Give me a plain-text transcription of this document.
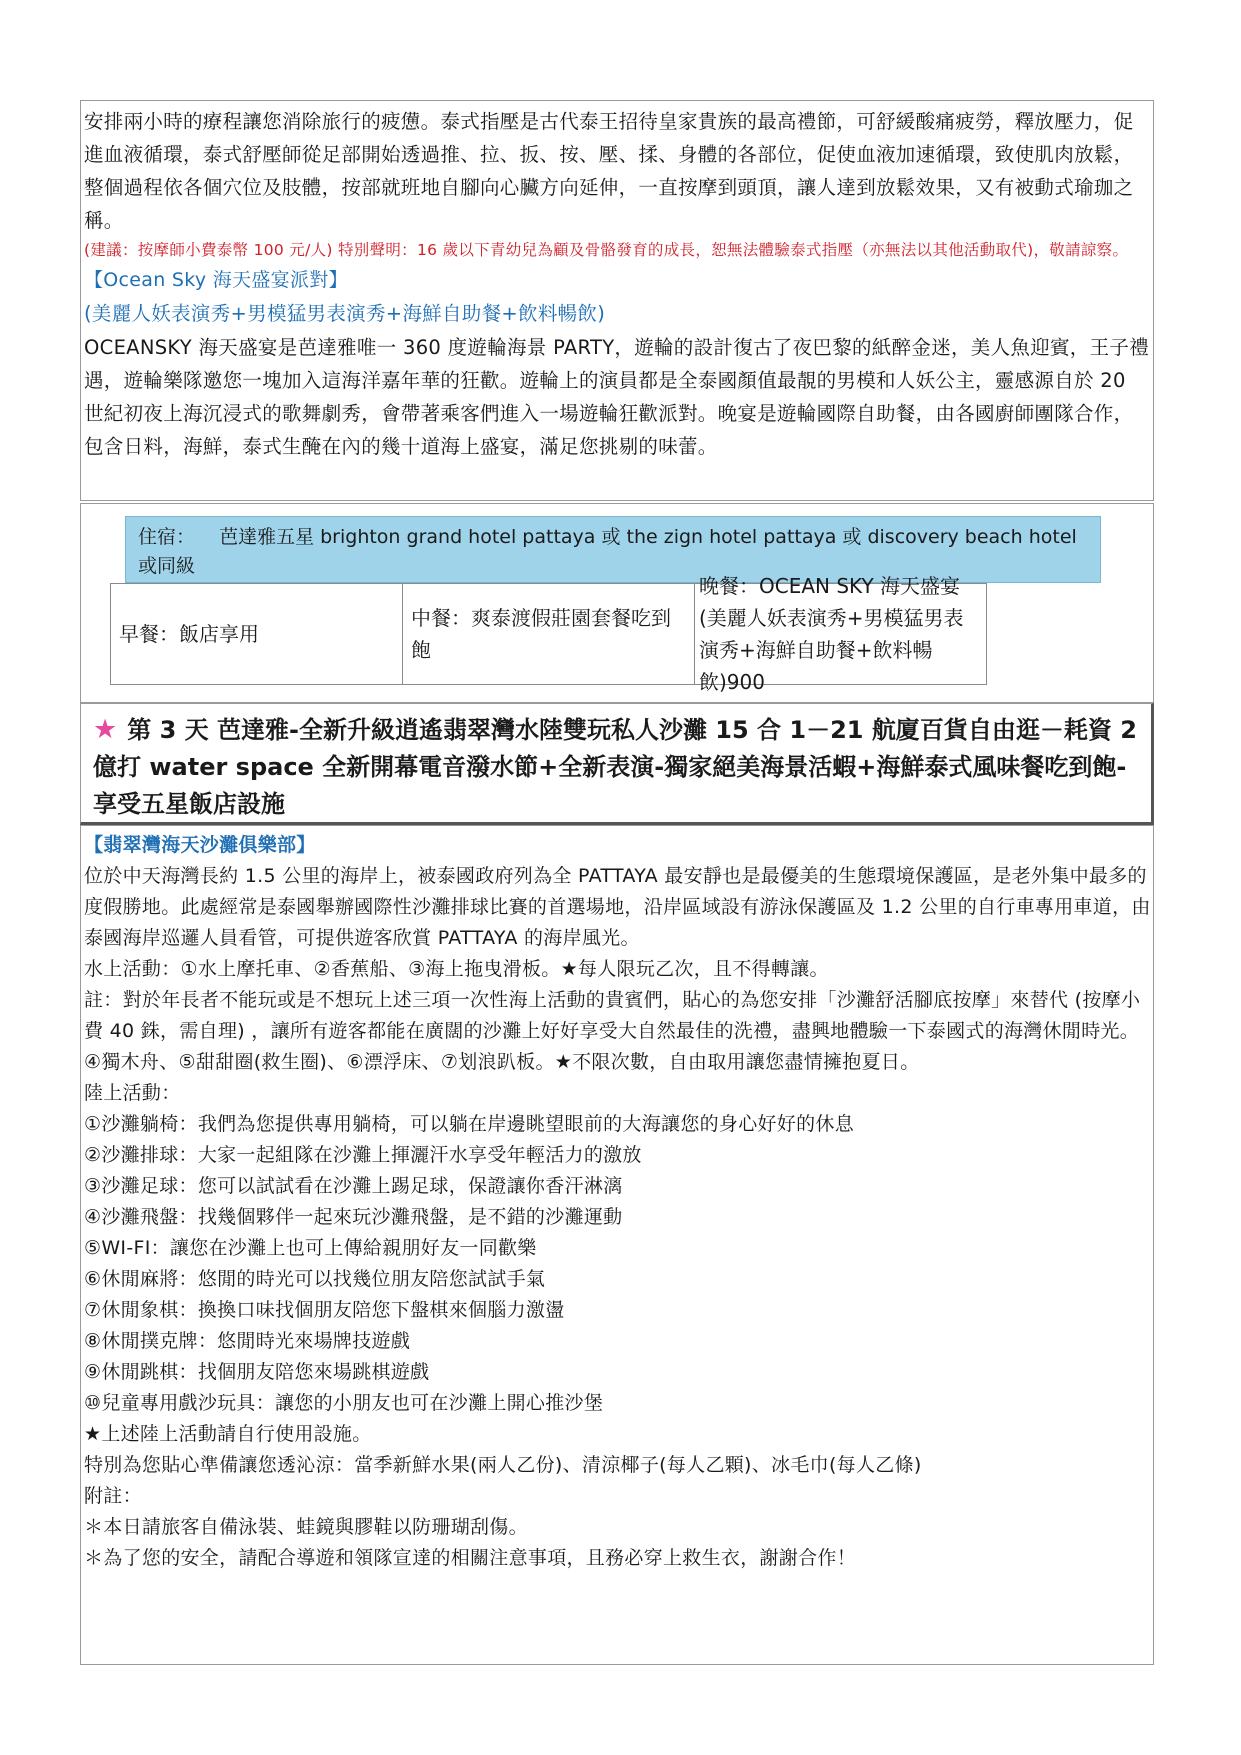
安排兩小時的療程讓您消除旅行的疲憊。泰式指壓是古代泰王招待皇家貴族的最高禮節，可舒緩酸痛疲勞，釋放壓力，促進血液循環，泰式舒壓師從足部開始透過推、拉、扳、按、壓、揉、身體的各部位，促使血液加速循環，致使肌肉放鬆，整個過程依各個穴位及肢體，按部就班地自腳向心臟方向延伸，一直按摩到頭頂，讓人達到放鬆效果，又有被動式瑜珈之稱。

(建議：按摩師小費泰幣 100 元/人) 特別聲明：16 歲以下青幼兒為顧及骨骼發育的成長，恕無法體驗泰式指壓（亦無法以其他活動取代)，敬請諒察。

【Ocean Sky 海天盛宴派對】

(美麗人妖表演秀+男模猛男表演秀+海鮮自助餐+飲料暢飲)

OCEANSKY 海天盛宴是芭達雅唯一 360 度遊輪海景 PARTY，遊輪的設計復古了夜巴黎的紙醉金迷，美人魚迎賓，王子禮遇，遊輪樂隊邀您一塊加入這海洋嘉年華的狂歡。遊輪上的演員都是全泰國顏值最靚的男模和人妖公主，靈感源自於 20 世紀初夜上海沉浸式的歌舞劇秀，會帶著乘客們進入一場遊輪狂歡派對。晚宴是遊輪國際自助餐，由各國廚師團隊合作，包含日料，海鮮，泰式生醃在內的幾十道海上盛宴，滿足您挑剔的味蕾。

住宿： 芭達雅五星 brighton grand hotel pattaya 或 the zign hotel pattaya 或 discovery beach hotel 或同級
早餐：飯店享用
中餐：爽泰渡假莊園套餐吃到飽
晚餐：OCEAN SKY 海天盛宴(美麗人妖表演秀+男模猛男表演秀+海鮮自助餐+飲料暢飲)900
★ 第 3 天 芭達雅-全新升級逍遙翡翠灣水陸雙玩私人沙灘 15 合 1－21 航廈百貨自由逛－耗資 2 億打 water space 全新開幕電音潑水節+全新表演-獨家絕美海景活蝦+海鮮泰式風味餐吃到飽-享受五星飯店設施

【翡翠灣海天沙灘俱樂部】

位於中天海灣長約 1.5 公里的海岸上，被泰國政府列為全 PATTAYA 最安靜也是最優美的生態環境保護區，是老外集中最多的度假勝地。此處經常是泰國舉辦國際性沙灘排球比賽的首選場地，沿岸區域設有游泳保護區及 1.2 公里的自行車專用車道，由泰國海岸巡邏人員看管，可提供遊客欣賞 PATTAYA 的海岸風光。

水上活動：①水上摩托車、②香蕉船、③海上拖曳滑板。★每人限玩乙次，且不得轉讓。

註：對於年長者不能玩或是不想玩上述三項一次性海上活動的貴賓們，貼心的為您安排「沙灘舒活腳底按摩」來替代 (按摩小費 40 銖，需自理) ，讓所有遊客都能在廣闊的沙灘上好好享受大自然最佳的洗禮，盡興地體驗一下泰國式的海灣休閒時光。

④獨木舟、⑤甜甜圈(救生圈)、⑥漂浮床、⑦划浪趴板。★不限次數，自由取用讓您盡情擁抱夏日。

陸上活動：

①沙灘躺椅：我們為您提供專用躺椅，可以躺在岸邊眺望眼前的大海讓您的身心好好的休息

②沙灘排球：大家一起組隊在沙灘上揮灑汗水享受年輕活力的激放

③沙灘足球：您可以試試看在沙灘上踢足球，保證讓你香汗淋漓

④沙灘飛盤：找幾個夥伴一起來玩沙灘飛盤，是不錯的沙灘運動

⑤WI-FI：讓您在沙灘上也可上傳給親朋好友一同歡樂

⑥休閒麻將：悠閒的時光可以找幾位朋友陪您試試手氣

⑦休閒象棋：換換口味找個朋友陪您下盤棋來個腦力激盪

⑧休閒撲克牌：悠閒時光來場牌技遊戲

⑨休閒跳棋：找個朋友陪您來場跳棋遊戲

⑩兒童專用戲沙玩具：讓您的小朋友也可在沙灘上開心推沙堡

★上述陸上活動請自行使用設施。

特別為您貼心準備讓您透沁涼：當季新鮮水果(兩人乙份)、清涼椰子(每人乙顆)、冰毛巾(每人乙條)

附註：

＊本日請旅客自備泳裝、蛙鏡與膠鞋以防珊瑚刮傷。

＊為了您的安全，請配合導遊和領隊宣達的相關注意事項，且務必穿上救生衣，謝謝合作！
